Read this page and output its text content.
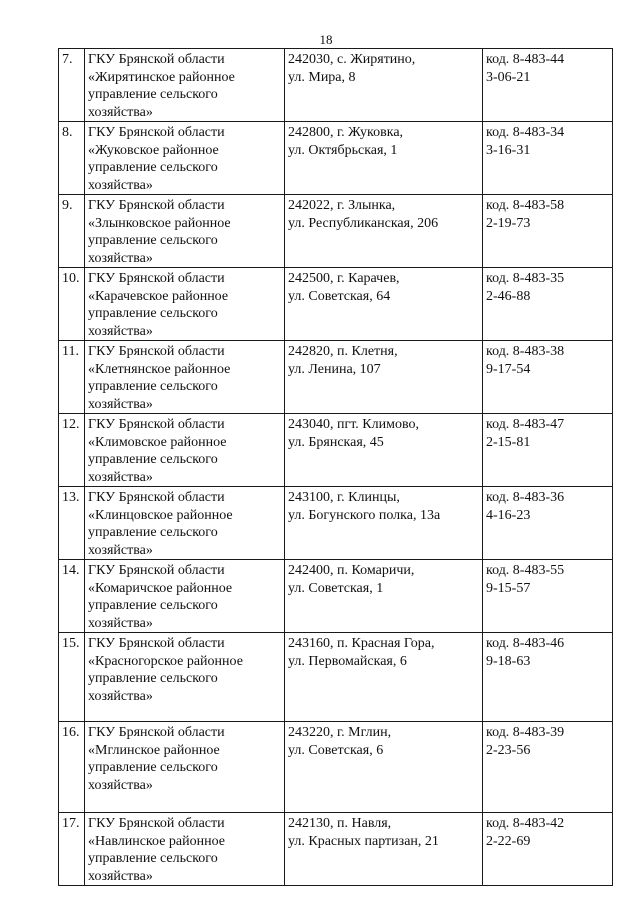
18
7.	ГКУ Брянской области
«Жирятинское районное
управление сельского
хозяйства»	242030, с. Жирятино,
ул. Мира, 8	код. 8-483-44
3-06-21
8.	ГКУ Брянской области
«Жуковское районное
управление сельского
хозяйства»	242800, г. Жуковка,
ул. Октябрьская, 1	код. 8-483-34
3-16-31
9.	ГКУ Брянской области
«Злынковское районное
управление сельского
хозяйства»	242022, г. Злынка,
ул. Республиканская, 206	код. 8-483-58
2-19-73
10.	ГКУ Брянской области
«Карачевское районное
управление сельского
хозяйства»	242500, г. Карачев,
ул. Советская, 64	код. 8-483-35
2-46-88
11.	ГКУ Брянской области
«Клетнянское районное
управление сельского
хозяйства»	242820, п. Клетня,
ул. Ленина, 107	код. 8-483-38
9-17-54
12.	ГКУ Брянской области
«Климовское районное
управление сельского
хозяйства»	243040, пгт. Климово,
ул. Брянская, 45	код. 8-483-47
2-15-81
13.	ГКУ Брянской области
«Клинцовское районное
управление сельского
хозяйства»	243100, г. Клинцы,
ул. Богунского полка, 13а	код. 8-483-36
4-16-23
14.	ГКУ Брянской области
«Комаричское районное
управление сельского
хозяйства»	242400, п. Комаричи,
ул. Советская, 1	код. 8-483-55
9-15-57
15.	ГКУ Брянской области
«Красногорское районное
управление сельского
хозяйства»	243160, п. Красная Гора,
ул. Первомайская, 6	код. 8-483-46
9-18-63
16.	ГКУ Брянской области
«Мглинское районное
управление сельского
хозяйства»	243220, г. Мглин,
ул. Советская, 6	код. 8-483-39
2-23-56
17.	ГКУ Брянской области
«Навлинское районное
управление сельского
хозяйства»	242130, п. Навля,
ул. Красных партизан, 21	код. 8-483-42
2-22-69
